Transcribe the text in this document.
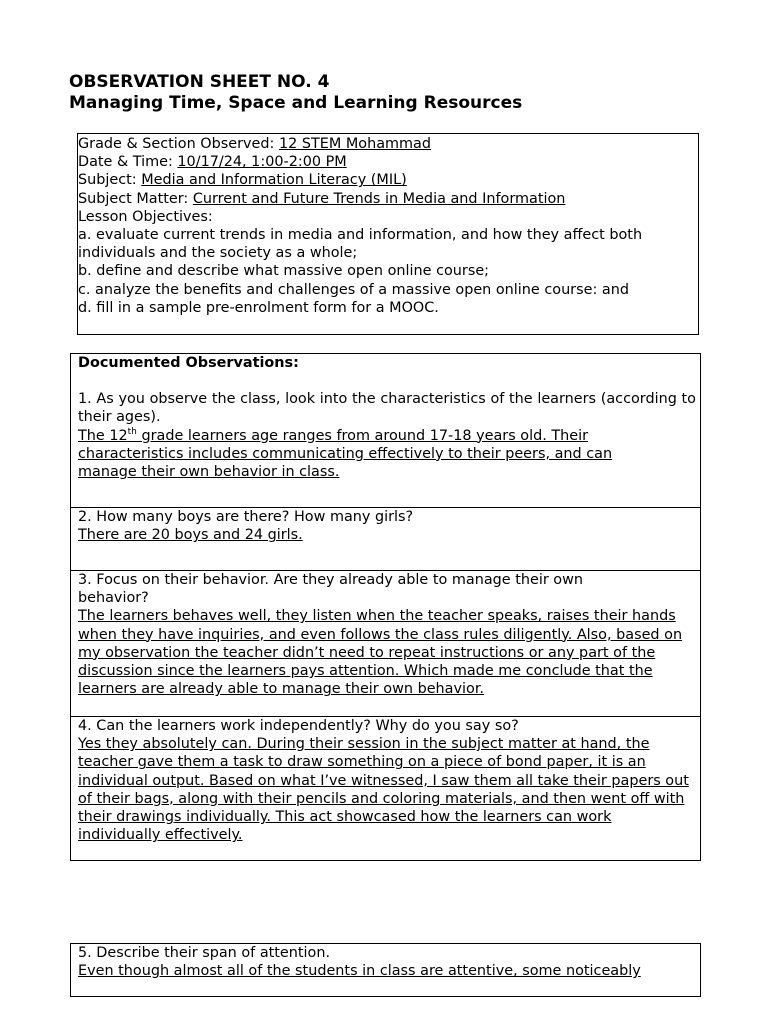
OBSERVATION SHEET NO. 4
Managing Time, Space and Learning Resources

Grade & Section Observed: 12 STEM Mohammad

Date & Time: 10/17/24, 1:00-2:00 PM

Subject: Media and Information Literacy (MIL)

Subject Matter: Current and Future Trends in Media and Information

Lesson Objectives:

a. evaluate current trends in media and information, and how they affect both

individuals and the society as a whole;

b. define and describe what massive open online course;

c. analyze the benefits and challenges of a massive open online course: and

d. fill in a sample pre-enrolment form for a MOOC.

Documented Observations:

1. As you observe the class, look into the characteristics of the learners (according to their ages).

The 12th grade learners age ranges from around 17-18 years old. Their characteristics includes communicating effectively to their peers, and can manage their own behavior in class.

2. How many boys are there? How many girls?

There are 20 boys and 24 girls.

3. Focus on their behavior. Are they already able to manage their own behavior?

The learners behaves well, they listen when the teacher speaks, raises their hands when they have inquiries, and even follows the class rules diligently. Also, based on my observation the teacher didn’t need to repeat instructions or any part of the discussion since the learners pays attention. Which made me conclude that the learners are already able to manage their own behavior.

4. Can the learners work independently? Why do you say so?

Yes they absolutely can. During their session in the subject matter at hand, the teacher gave them a task to draw something on a piece of bond paper, it is an individual output. Based on what I’ve witnessed, I saw them all take their papers out of their bags, along with their pencils and coloring materials, and then went off with their drawings individually. This act showcased how the learners can work individually effectively.

5. Describe their span of attention.

Even though almost all of the students in class are attentive, some noticeably
